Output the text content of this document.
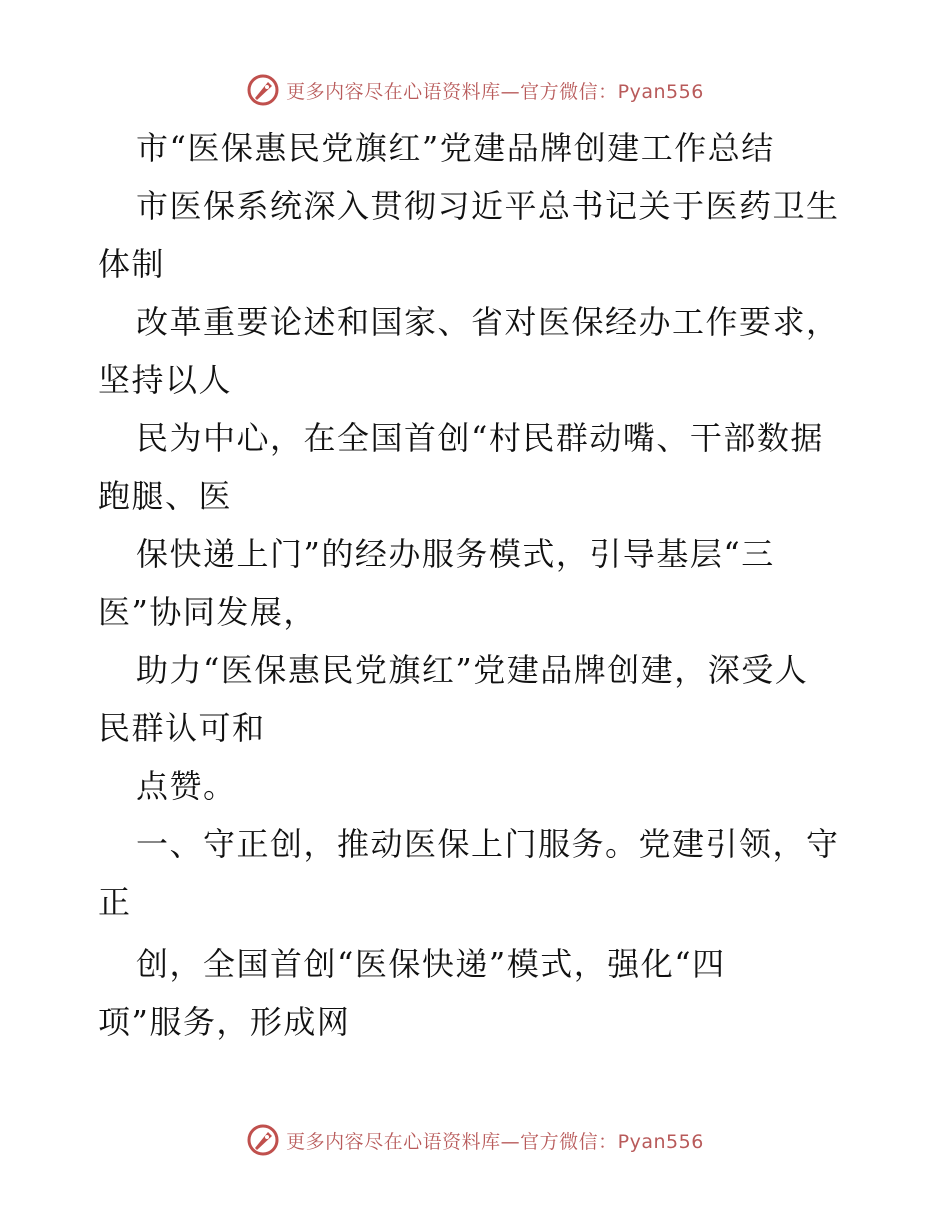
更多内容尽在心语资料库—官方微信：Pyan556
市“医保惠民党旗红”党建品牌创建工作总结
市医保系统深入贯彻习近平总书记关于医药卫生
体制
改革重要论述和国家、省对医保经办工作要求，
坚持以人
民为中心，在全国首创“村民群动嘴、干部数据
跑腿、医
保快递上门”的经办服务模式，引导基层“三
医”协同发展，
助力“医保惠民党旗红”党建品牌创建，深受人
民群认可和
点赞。
一、守正创，推动医保上门服务。党建引领，守
正
创，全国首创“医保快递”模式，强化“四
项”服务，形成网
更多内容尽在心语资料库—官方微信：Pyan556
